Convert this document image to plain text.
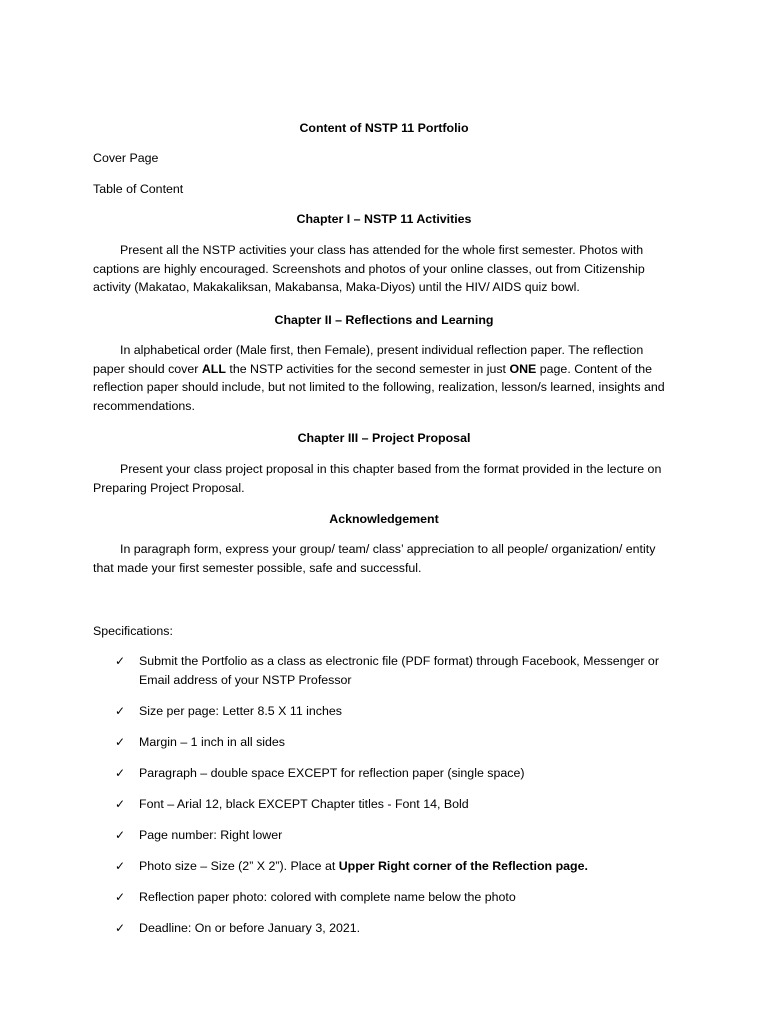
Content of NSTP 11 Portfolio
Cover Page
Table of Content
Chapter I – NSTP 11 Activities
Present all the NSTP activities your class has attended for the whole first semester. Photos with captions are highly encouraged. Screenshots and photos of your online classes, out from Citizenship activity (Makatao, Makakaliksan, Makabansa, Maka-Diyos) until the HIV/ AIDS quiz bowl.
Chapter II – Reflections and Learning
In alphabetical order (Male first, then Female), present individual reflection paper. The reflection paper should cover ALL the NSTP activities for the second semester in just ONE page. Content of the reflection paper should include, but not limited to the following, realization, lesson/s learned, insights and recommendations.
Chapter III – Project Proposal
Present your class project proposal in this chapter based from the format provided in the lecture on Preparing Project Proposal.
Acknowledgement
In paragraph form, express your group/ team/ class’ appreciation to all people/ organization/ entity that made your first semester possible, safe and successful.
Specifications:
✓	Submit the Portfolio as a class as electronic file (PDF format) through Facebook, Messenger or Email address of your NSTP Professor
✓	Size per page: Letter 8.5 X 11 inches
✓	Margin – 1 inch in all sides
✓	Paragraph – double space EXCEPT for reflection paper (single space)
✓	Font – Arial 12, black EXCEPT Chapter titles - Font 14, Bold
✓	Page number: Right lower
✓	Photo size – Size (2” X 2”). Place at Upper Right corner of the Reflection page.
✓	Reflection paper photo: colored with complete name below the photo
✓	Deadline: On or before January 3, 2021.
